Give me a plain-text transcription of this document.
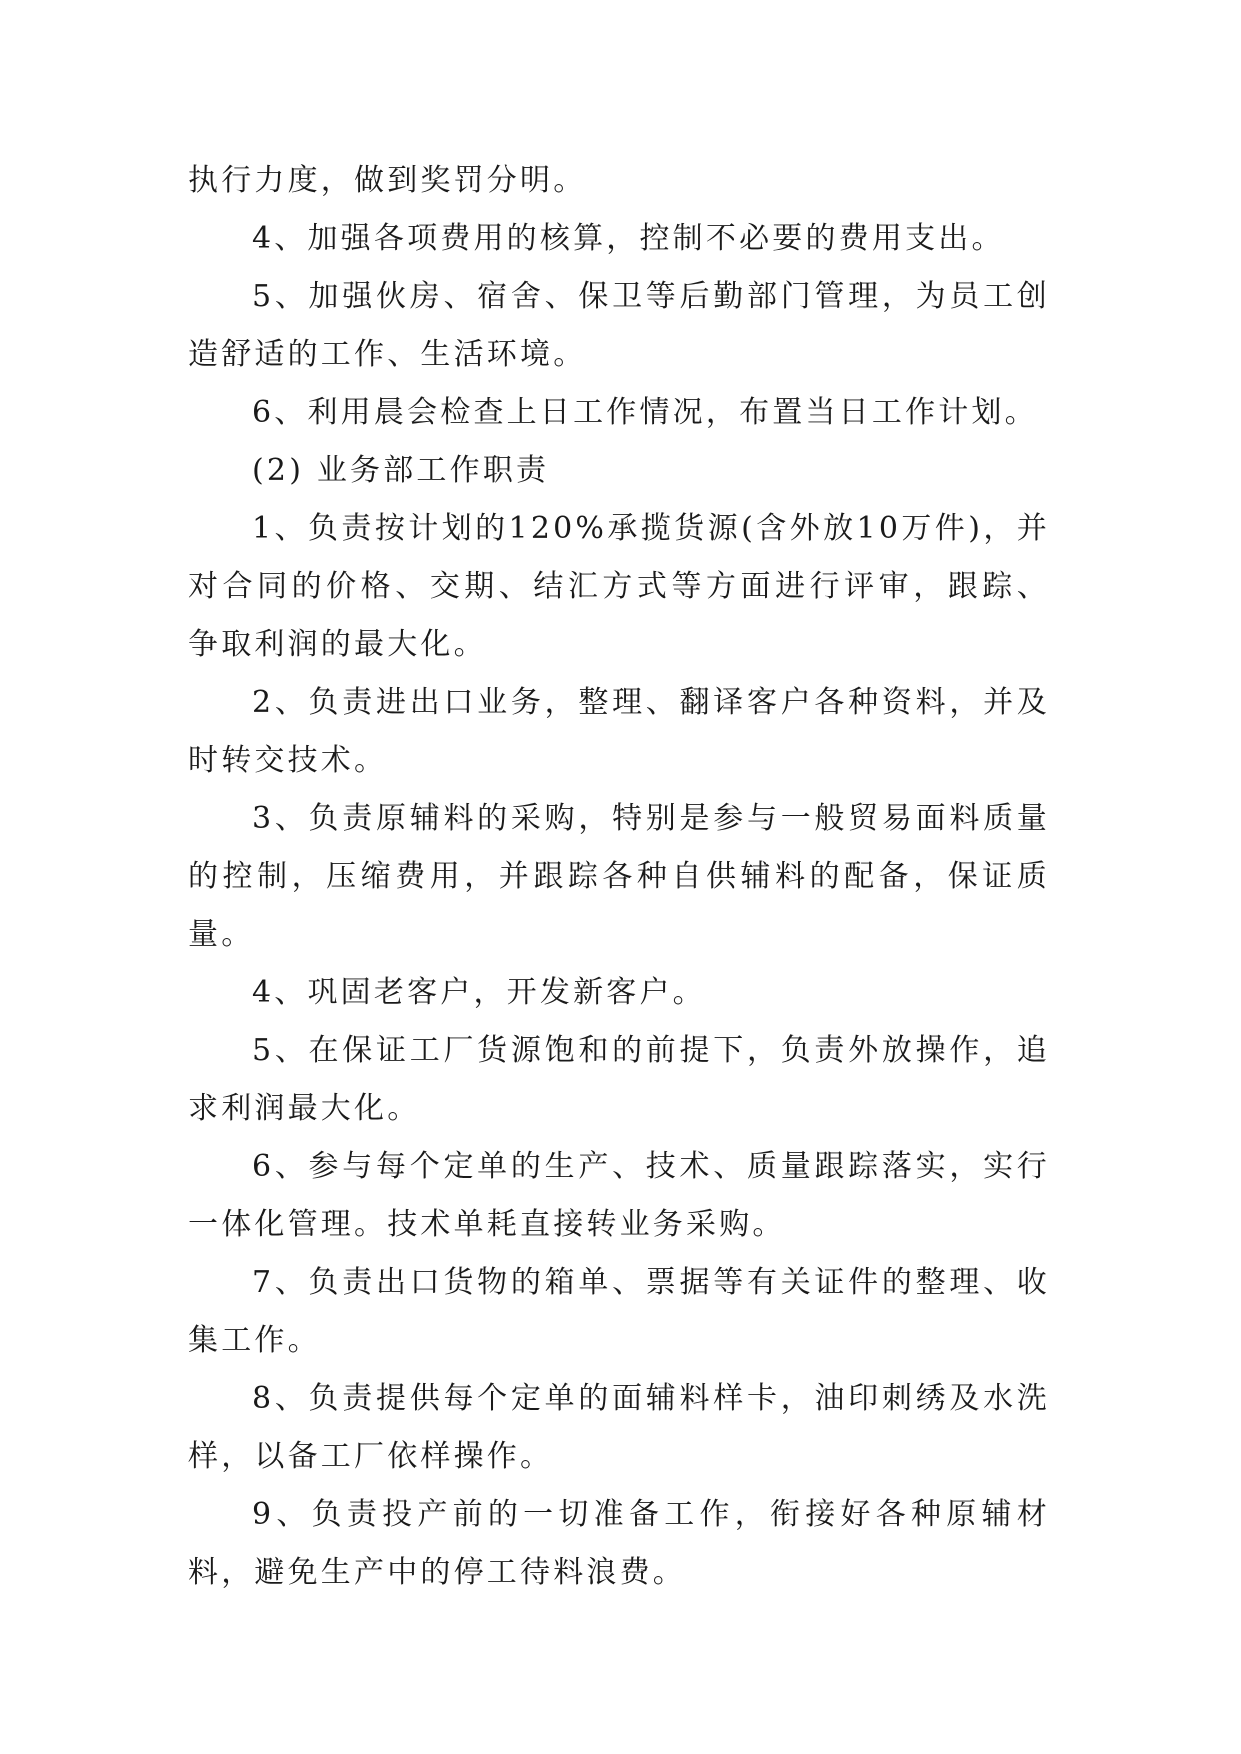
执行力度，做到奖罚分明。

4、加强各项费用的核算，控制不必要的费用支出。

5、加强伙房、宿舍、保卫等后勤部门管理，为员工创造舒适的工作、生活环境。

6、利用晨会检查上日工作情况，布置当日工作计划。

(2) 业务部工作职责

1、负责按计划的120%承揽货源(含外放10万件)，并对合同的价格、交期、结汇方式等方面进行评审，跟踪、争取利润的最大化。

2、负责进出口业务，整理、翻译客户各种资料，并及时转交技术。

3、负责原辅料的采购，特别是参与一般贸易面料质量的控制，压缩费用，并跟踪各种自供辅料的配备，保证质量。

4、巩固老客户，开发新客户。

5、在保证工厂货源饱和的前提下，负责外放操作，追求利润最大化。

6、参与每个定单的生产、技术、质量跟踪落实，实行一体化管理。技术单耗直接转业务采购。

7、负责出口货物的箱单、票据等有关证件的整理、收集工作。

8、负责提供每个定单的面辅料样卡，油印刺绣及水洗样，以备工厂依样操作。

9、负责投产前的一切准备工作，衔接好各种原辅材料，避免生产中的停工待料浪费。
